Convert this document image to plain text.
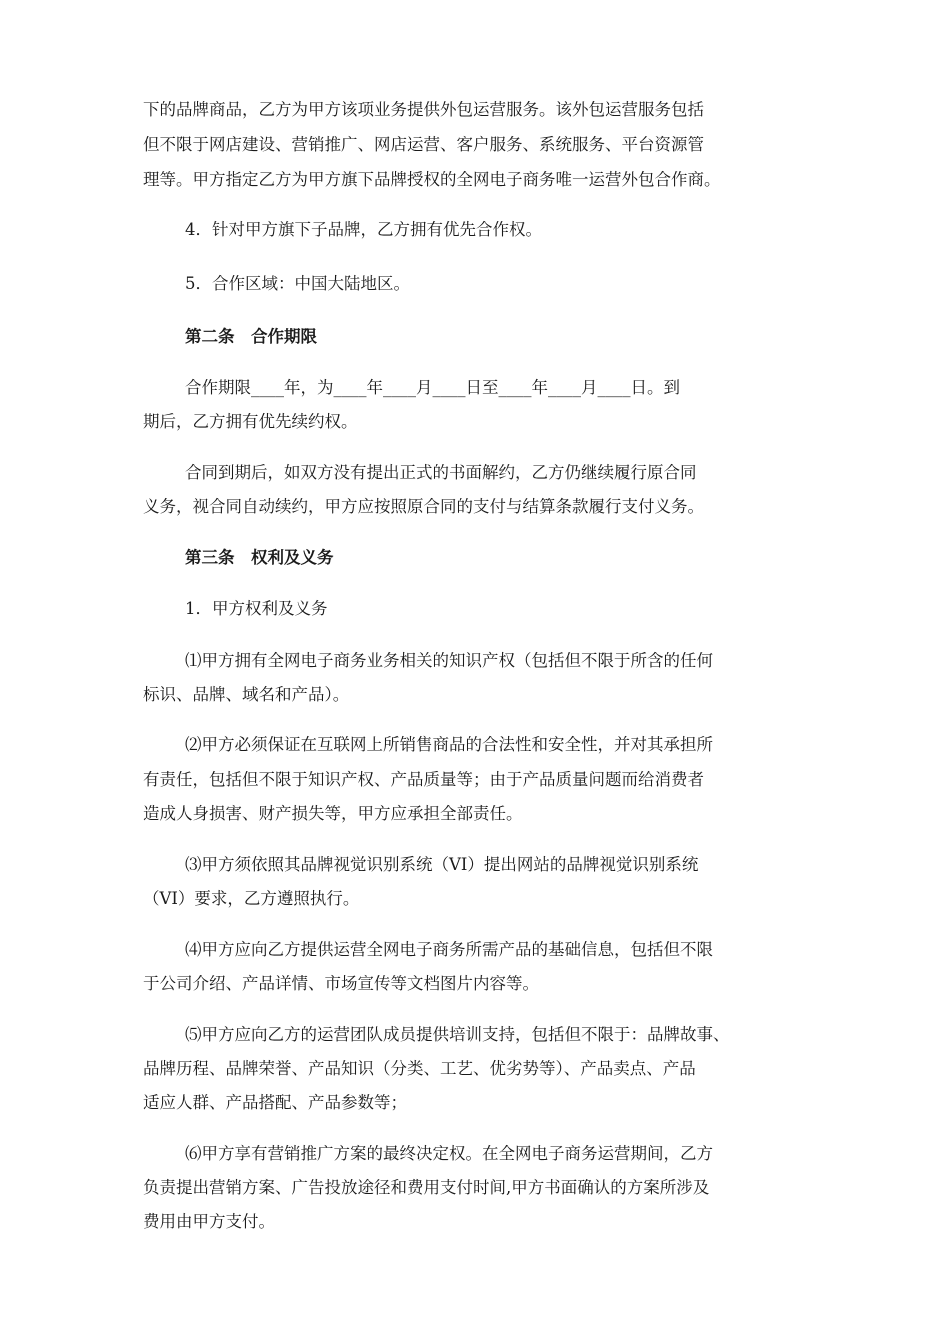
下的品牌商品，乙方为甲方该项业务提供外包运营服务。该外包运营服务包括
但不限于网店建设、营销推广、网店运营、客户服务、系统服务、平台资源管
理等。甲方指定乙方为甲方旗下品牌授权的全网电子商务唯一运营外包合作商。
4．针对甲方旗下子品牌，乙方拥有优先合作权。
5．合作区域：中国大陆地区。
第二条　合作期限
合作期限____年，为____年____月____日至____年____月____日。到
期后，乙方拥有优先续约权。
合同到期后，如双方没有提出正式的书面解约，乙方仍继续履行原合同
义务，视合同自动续约，甲方应按照原合同的支付与结算条款履行支付义务。
第三条　权利及义务
1．甲方权利及义务
⑴甲方拥有全网电子商务业务相关的知识产权（包括但不限于所含的任何
标识、品牌、域名和产品）。
⑵甲方必须保证在互联网上所销售商品的合法性和安全性，并对其承担所
有责任，包括但不限于知识产权、产品质量等；由于产品质量问题而给消费者
造成人身损害、财产损失等，甲方应承担全部责任。
⑶甲方须依照其品牌视觉识别系统（VI）提出网站的品牌视觉识别系统
（VI）要求，乙方遵照执行。
⑷甲方应向乙方提供运营全网电子商务所需产品的基础信息，包括但不限
于公司介绍、产品详情、市场宣传等文档图片内容等。
⑸甲方应向乙方的运营团队成员提供培训支持，包括但不限于：品牌故事、
品牌历程、品牌荣誉、产品知识（分类、工艺、优劣势等）、产品卖点、产品
适应人群、产品搭配、产品参数等；
⑹甲方享有营销推广方案的最终决定权。在全网电子商务运营期间，乙方
负责提出营销方案、广告投放途径和费用支付时间,甲方书面确认的方案所涉及
费用由甲方支付。
